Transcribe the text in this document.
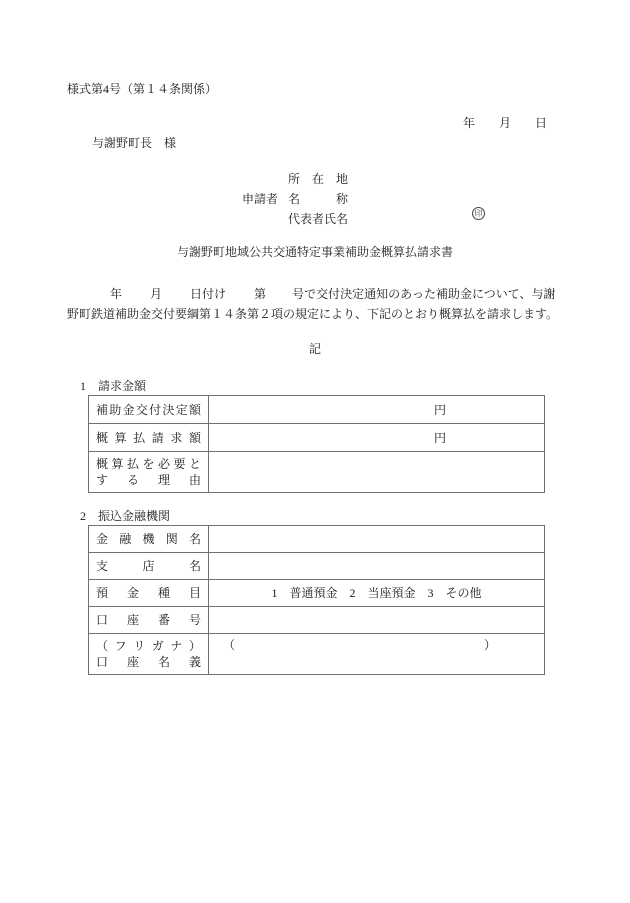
様式第4号（第１４条関係）
年　　月　　日
与謝野町長　様
申請者
所　在　地
名　　　称
代表者氏名	印
与謝野町地域公共交通特定事業補助金概算払請求書
年 月 日付け 第 号で交付決定通知のあった補助金について、与謝
野町鉄道補助金交付要綱第１４条第２項の規定により、下記のとおり概算払を請求します。
記
1 請求金額
補助金交付決定額	円
概 算 払 請 求 額	円
概 算 払 を 必 要 と
す　る　理　由
2 振込金融機関
金 融 機 関 名
支　　店　　名
預　金　種　目	1　普通預金　2　当座預金　3　その他
口　座　番　号
（ フ リ ガ ナ ）
口　座　名　義
（	）
